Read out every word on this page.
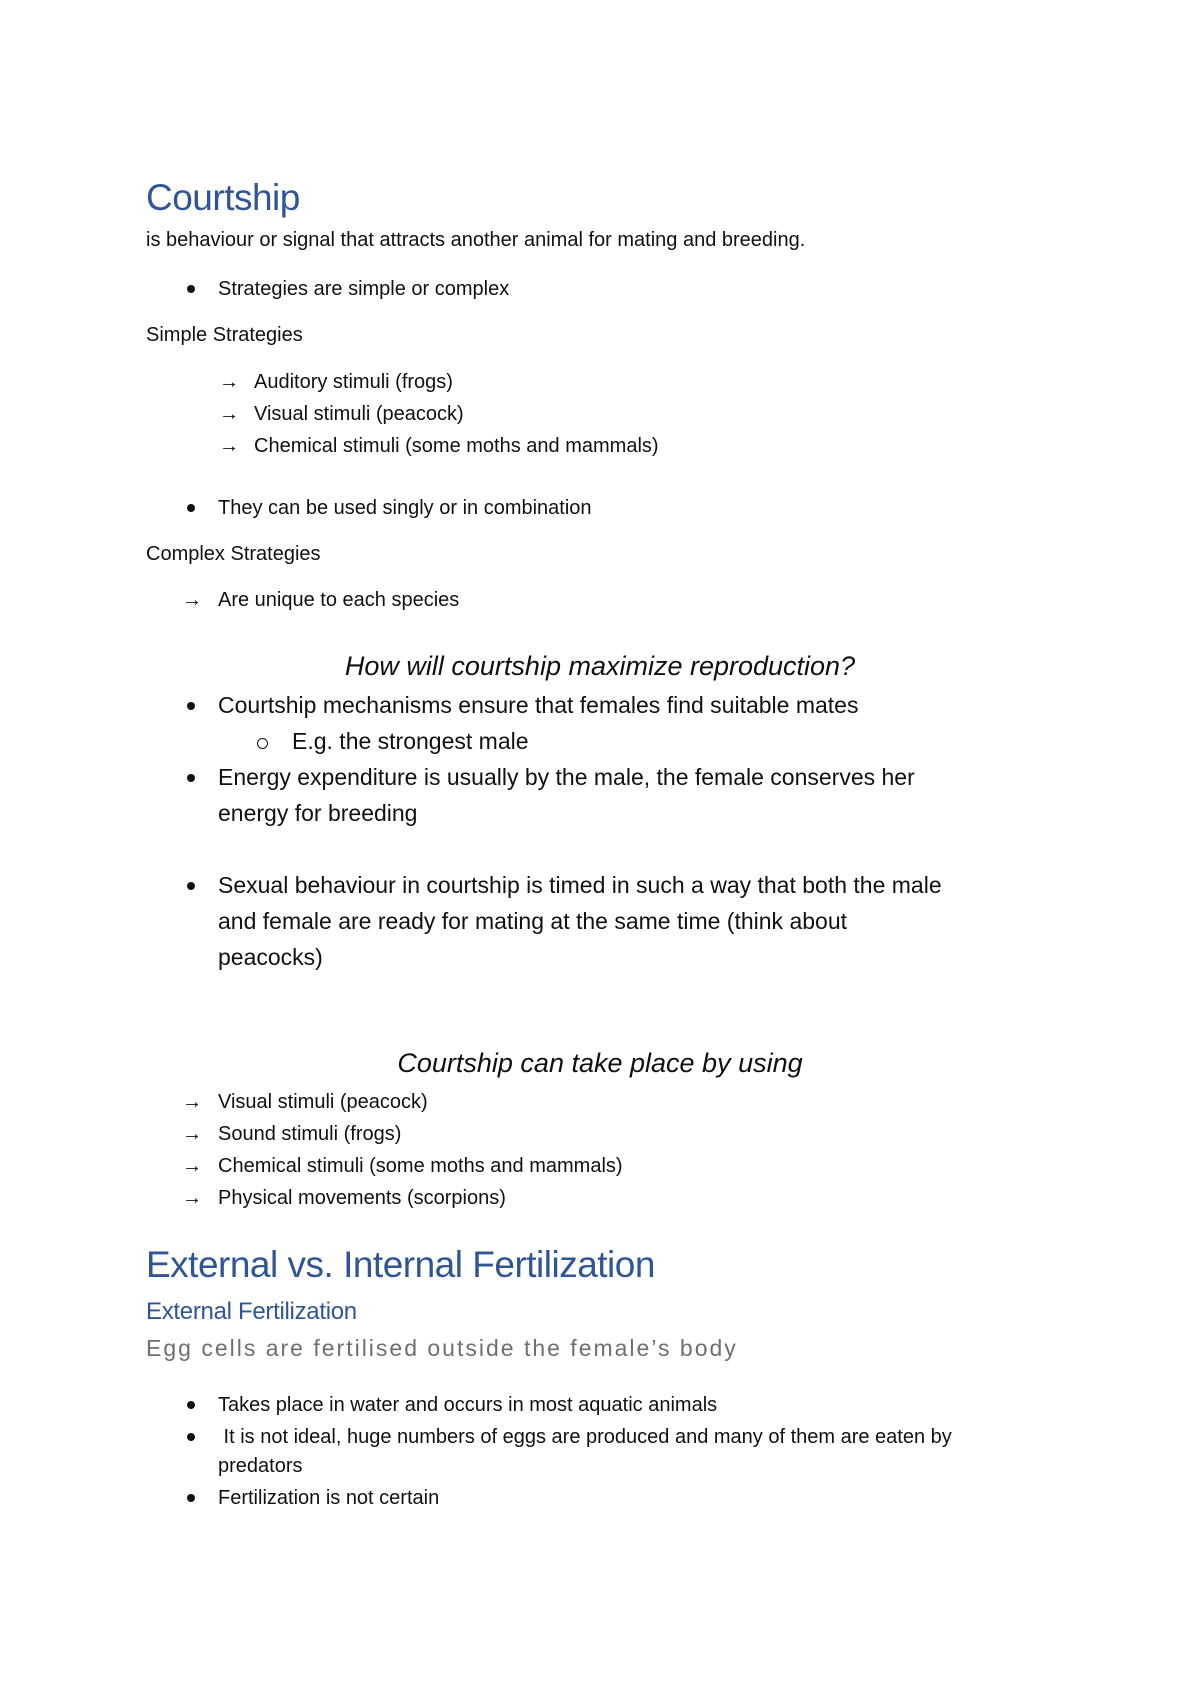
Courtship
is behaviour or signal that attracts another animal for mating and breeding.
Strategies are simple or complex
Simple Strategies
→ Auditory stimuli (frogs)
→ Visual stimuli (peacock)
→ Chemical stimuli (some moths and mammals)
They can be used singly or in combination
Complex Strategies
→ Are unique to each species
How will courtship maximize reproduction?
Courtship mechanisms ensure that females find suitable mates
E.g. the strongest male
Energy expenditure is usually by the male, the female conserves her
energy for breeding
Sexual behaviour in courtship is timed in such a way that both the male
and female are ready for mating at the same time (think about
peacocks)
Courtship can take place by using
→ Visual stimuli (peacock)
→ Sound stimuli (frogs)
→ Chemical stimuli (some moths and mammals)
→ Physical movements (scorpions)
External vs. Internal Fertilization
External Fertilization
Egg cells are fertilised outside the female’s body
Takes place in water and occurs in most aquatic animals
It is not ideal, huge numbers of eggs are produced and many of them are eaten by
predators
Fertilization is not certain
